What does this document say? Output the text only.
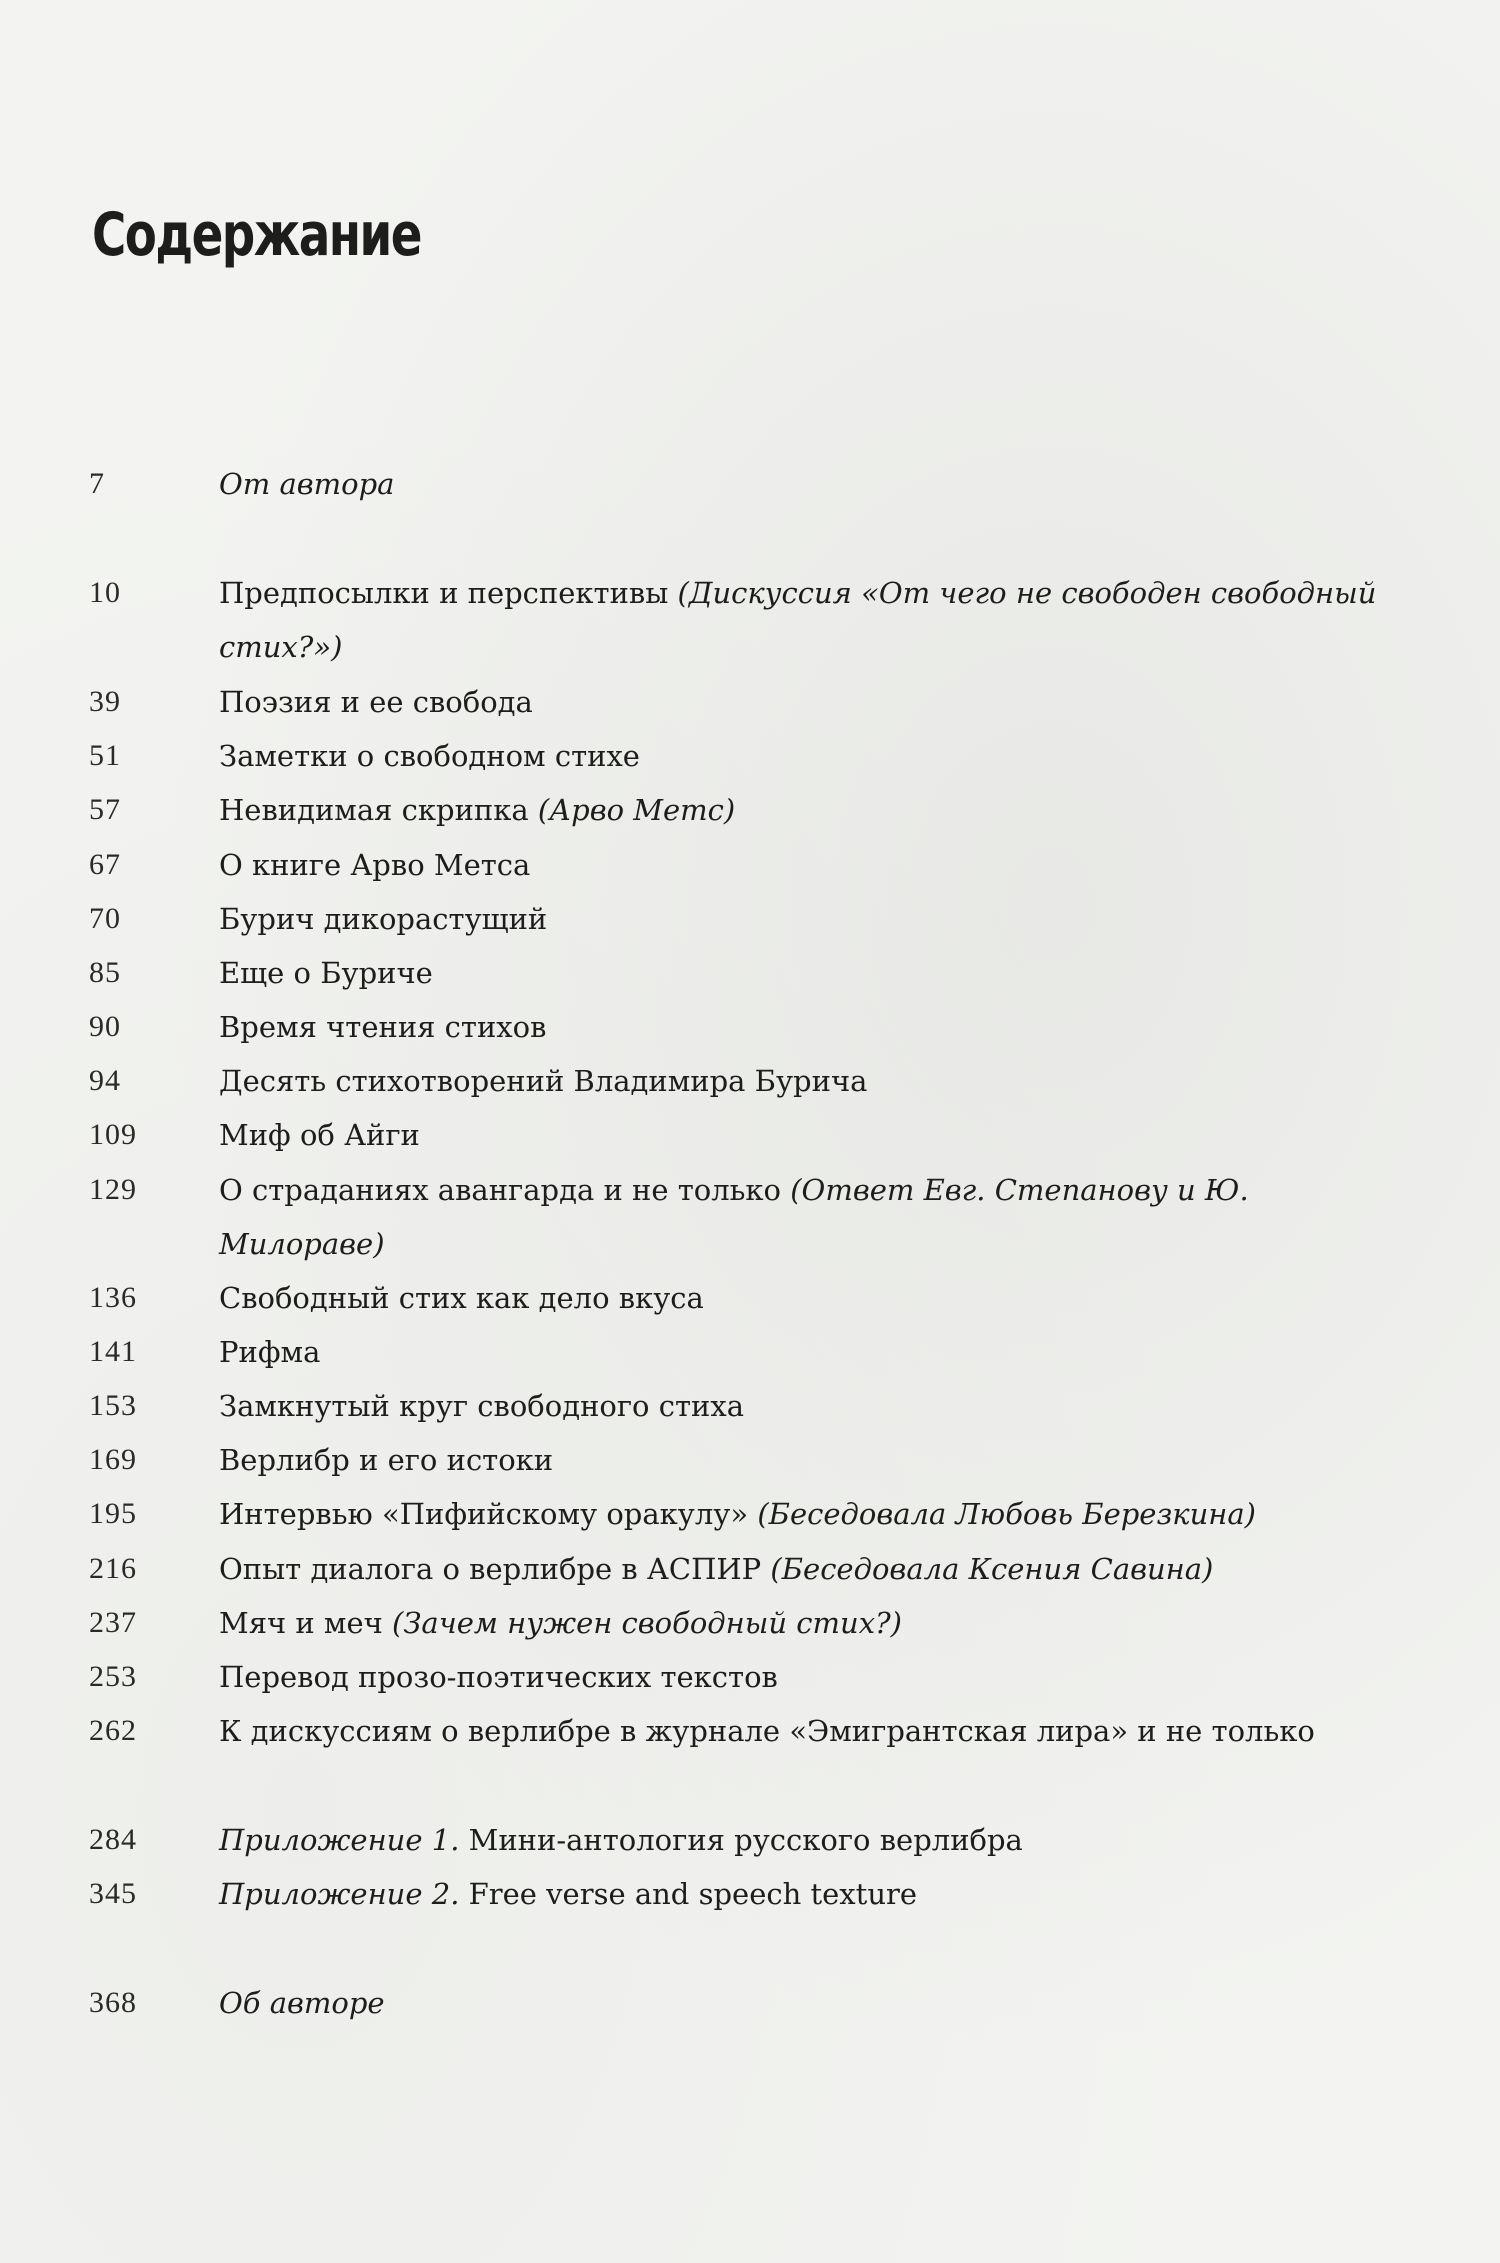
Содержание
7	От автора
10	Предпосылки и перспективы (Дискуссия «От чего не свободен свободный стих?»)
39	Поэзия и ее свобода
51	Заметки о свободном стихе
57	Невидимая скрипка (Арво Метс)
67	О книге Арво Метса
70	Бурич дикорастущий
85	Еще о Буриче
90	Время чтения стихов
94	Десять стихотворений Владимира Бурича
109	Миф об Айги
129	О страданиях авангарда и не только (Ответ Евг. Степанову и Ю. Милораве)
136	Свободный стих как дело вкуса
141	Рифма
153	Замкнутый круг свободного стиха
169	Верлибр и его истоки
195	Интервью «Пифийскому оракулу» (Беседовала Любовь Березкина)
216	Опыт диалога о верлибре в АСПИР (Беседовала Ксения Савина)
237	Мяч и меч (Зачем нужен свободный стих?)
253	Перевод прозо-поэтических текстов
262	К дискуссиям о верлибре в журнале «Эмигрантская лира» и не только
284	Приложение 1. Мини-антология русского верлибра
345	Приложение 2. Free verse and speech texture
368	Об авторе
